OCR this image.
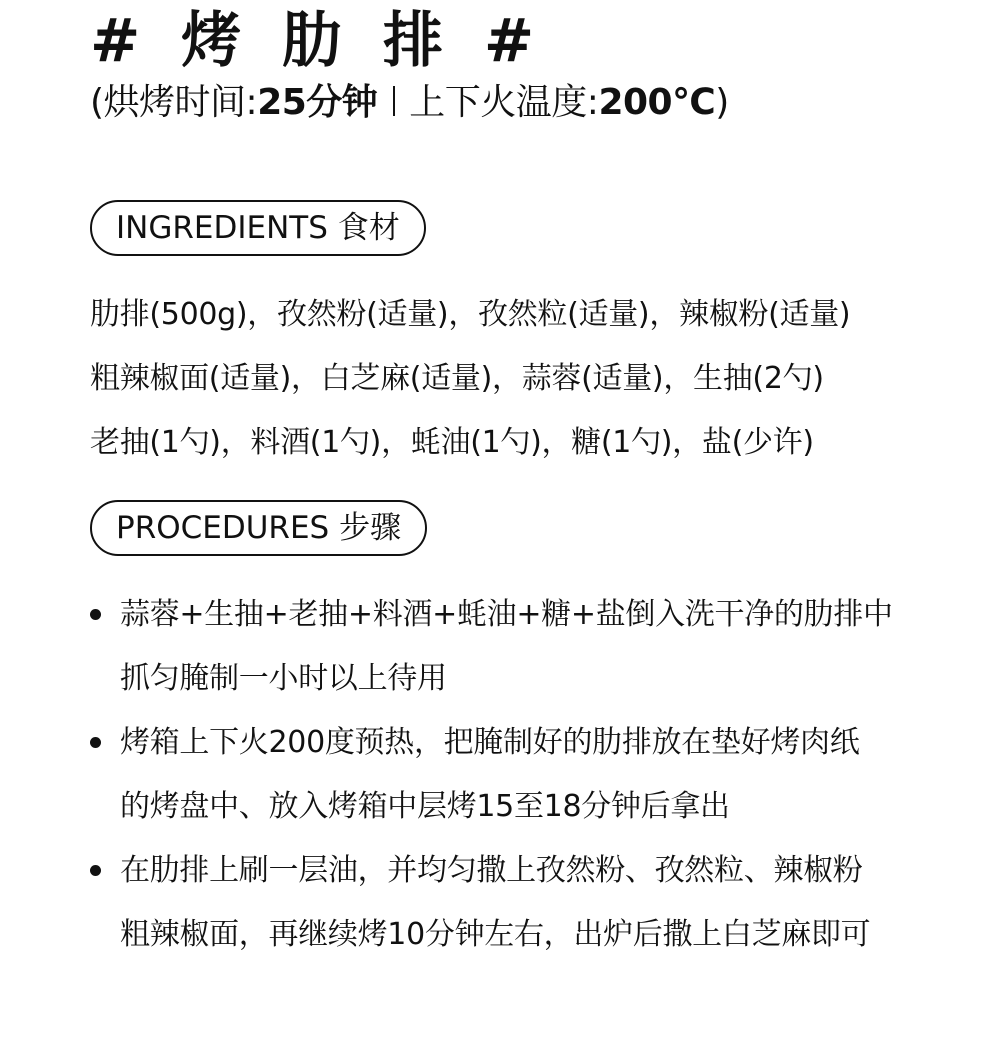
# 烤 肋 排 #
(烘烤时间:25分钟 上下火温度:200℃)
INGREDIENTS 食材
肋排(500g)，孜然粉(适量)，孜然粒(适量)，辣椒粉(适量)
粗辣椒面(适量)，白芝麻(适量)，蒜蓉(适量)，生抽(2勺)
老抽(1勺)，料酒(1勺)，蚝油(1勺)，糖(1勺)，盐(少许)
PROCEDURES 步骤
蒜蓉+生抽+老抽+料酒+蚝油+糖+盐倒入洗干净的肋排中
抓匀腌制一小时以上待用
烤箱上下火200度预热，把腌制好的肋排放在垫好烤肉纸
的烤盘中、放入烤箱中层烤15至18分钟后拿出
在肋排上刷一层油，并均匀撒上孜然粉、孜然粒、辣椒粉
粗辣椒面，再继续烤10分钟左右，出炉后撒上白芝麻即可
